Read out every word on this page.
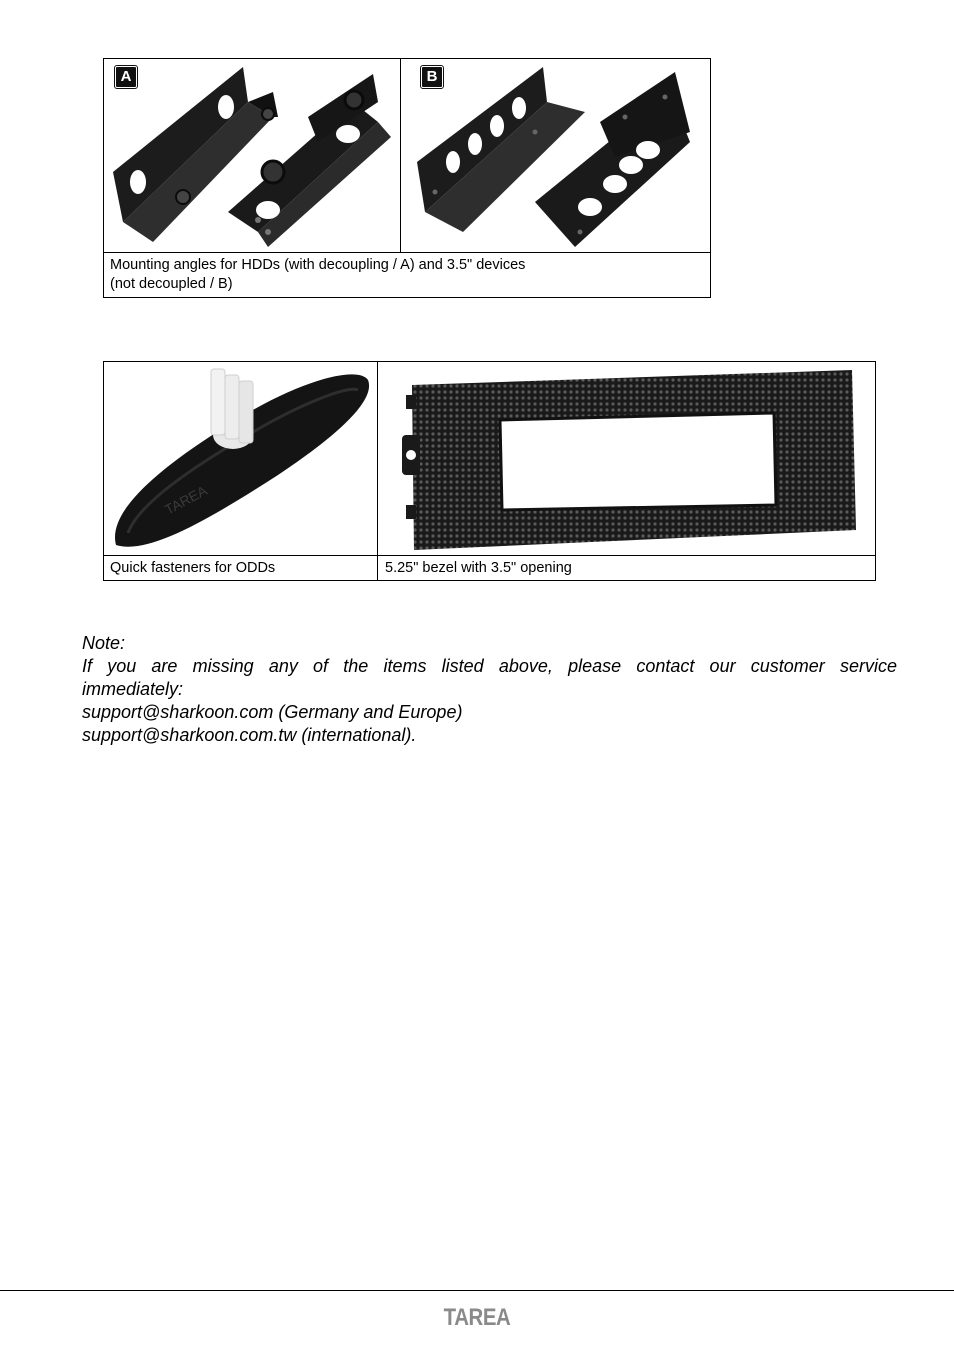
A	B
Mounting angles for HDDs (with decoupling / A) and 3.5" devices
(not decoupled / B)
TAREA
Quick fasteners for ODDs	5.25" bezel with 3.5" opening
Note:
If you are missing any of the items listed above, please contact our customer service
immediately:
support@sharkoon.com (Germany and Europe)
support@sharkoon.com.tw (international).
TAREA
